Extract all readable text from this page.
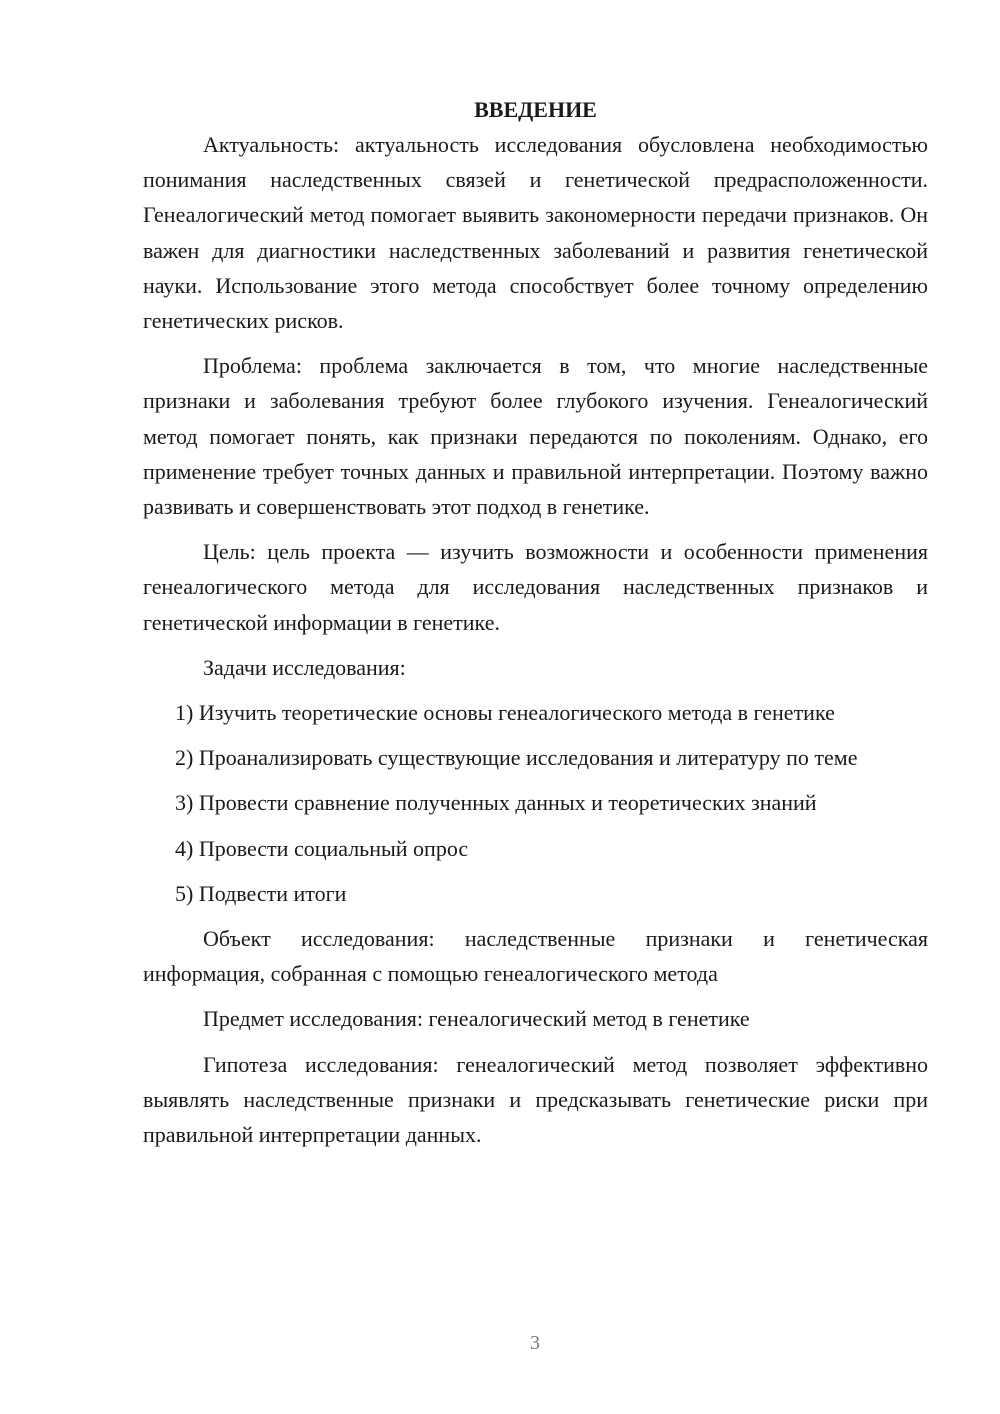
ВВЕДЕНИЕ

Актуальность: актуальность исследования обусловлена необходимостью понимания наследственных связей и генетической предрасположенности. Генеалогический метод помогает выявить закономерности передачи признаков. Он важен для диагностики наследственных заболеваний и развития генетической науки. Использование этого метода способствует более точному определению генетических рисков.

Проблема: проблема заключается в том, что многие наследственные признаки и заболевания требуют более глубокого изучения. Генеалогический метод помогает понять, как признаки передаются по поколениям. Однако, его применение требует точных данных и правильной интерпретации. Поэтому важно развивать и совершенствовать этот подход в генетике.

Цель: цель проекта — изучить возможности и особенности применения генеалогического метода для исследования наследственных признаков и генетической информации в генетике.

Задачи исследования:

1) Изучить теоретические основы генеалогического метода в генетике

2) Проанализировать существующие исследования и литературу по теме

3) Провести сравнение полученных данных и теоретических знаний

4) Провести социальный опрос

5) Подвести итоги

Объект исследования: наследственные признаки и генетическая информация, собранная с помощью генеалогического метода

Предмет исследования: генеалогический метод в генетике

Гипотеза исследования: генеалогический метод позволяет эффективно выявлять наследственные признаки и предсказывать генетические риски при правильной интерпретации данных.

3
